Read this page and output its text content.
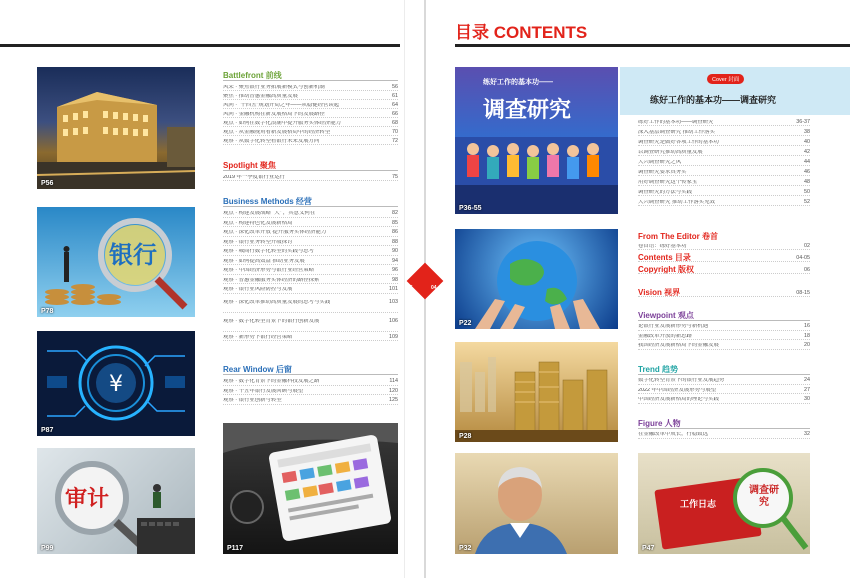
P56
银行
P78
¥
P87
审计
P99	P117
Battlefront 前线
风采 · 聚焦银行业务拓展新模式与创新机制	56
聚焦 · 推动普惠金融高质量发展	61
风向 · “十四五”规划开局之年——从稳健经营谈起	64
风向 · 金融机构在新发展格局下的发展路径	66
观点 · 如何在数字化浪潮中提升服务实体经济能力	68
观点 · 从金融视角看新发展格局中的经济转型	70
观察 · 从数字化转型看银行未来发展方向	72
Spotlight 聚焦
2019 年一季度银行业运行	75
Business Methods 经营
观点 · 构建发展战略 “大” ，其意义何在	82
观点 · 构建特色化发展新格局	85
观点 · 深化改革开放 提升服务实体经济能力	86
观察 · 银行业务转型升级探讨	88
观察 · 城商行数字化转型的实践与思考	90
观察 · 如何提高效益 推动业务发展	94
观察 · 中国经济形势与银行业经营策略	96
观察 · 普惠金融服务实体经济的路径探索	98
观察 · 银行业风险防控与发展	101
观察 · 深化改革推动高质量发展的思考与实践	103
观察 · 数字化转型背景下的银行创新发展	106
观察 · 新形势下银行经营策略	109
Rear Window 后窗
观察 · 数字化背景下的金融科技发展之路	114
观察 · 十五年银行发展回顾与展望	120
观察 · 银行业创新与转型	125
05	04
目录 CONTENTS
练好工作的基本功——
调查研究
P36-55
Cover 封面
练好工作的基本功——调查研究
练好工作的基本功——调查研究	36-37
深入基层调查研究 推动工作落实	38
调查研究是做好各项工作的基本功	40
以调查研究推动高质量发展	42
大兴调查研究之风	44
调查研究要求真务实	46
用好调查研究这个传家宝	48
调查研究的方法与实践	50
大兴调查研究 推动工作落实见效	52
P22
P28
P32
工作日志
调查研究
P47
From The Editor 卷首
卷首语：练好基本功	02
Contents 目录	04-05
Copyright 版权	06
Vision 视界	08-15
Viewpoint 观点
论银行业发展新形势与新机遇	16
金融改革开放的新思路	18
我国经济发展新格局下的金融发展	20
Trend 趋势
数字化转型背景下的银行业发展趋势	24
2022 年中国经济发展形势与展望	27
中国经济发展新格局的理论与实践	30
Figure 人物
在金融改革中成长，行稳致远	32
